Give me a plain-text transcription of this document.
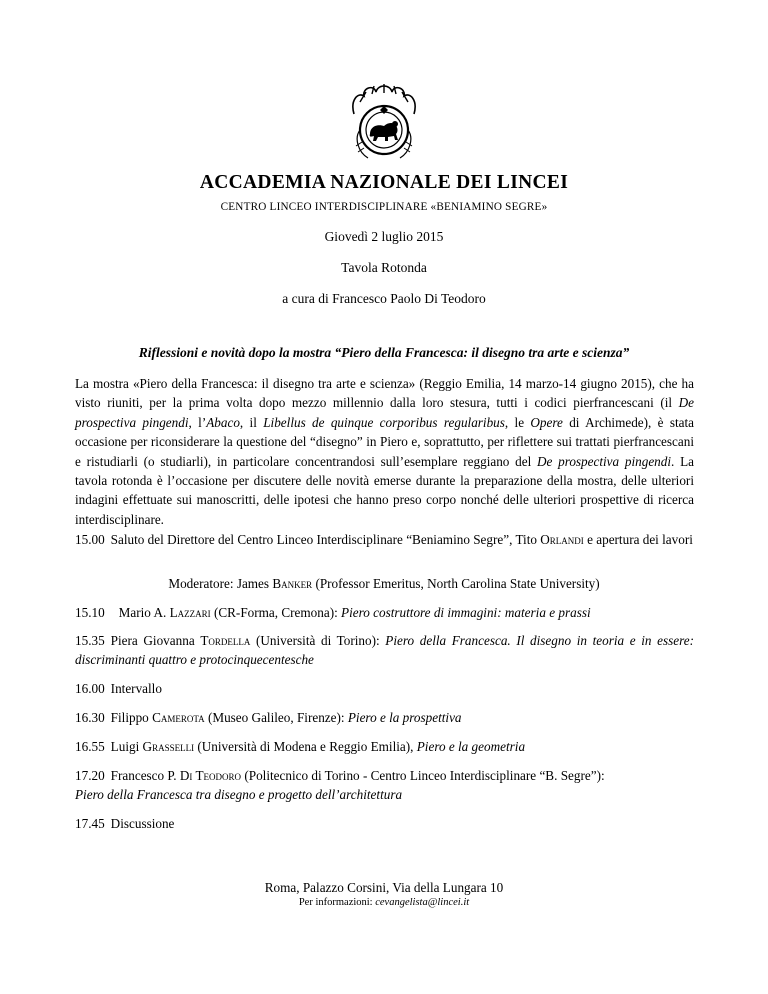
ACCADEMIA NAZIONALE DEI LINCEI
CENTRO LINCEO INTERDISCIPLINARE «BENIAMINO SEGRE»
Giovedì 2 luglio 2015
Tavola Rotonda
a cura di Francesco Paolo Di Teodoro
Riflessioni e novità dopo la mostra “Piero della Francesca: il disegno tra arte e scienza”
La mostra «Piero della Francesca: il disegno tra arte e scienza» (Reggio Emilia, 14 marzo-14 giugno 2015), che ha visto riuniti, per la prima volta dopo mezzo millennio dalla loro stesura, tutti i codici pierfrancescani (il De prospectiva pingendi, l’Abaco, il Libellus de quinque corporibus regularibus, le Opere di Archimede), è stata occasione per riconsiderare la questione del “disegno” in Piero e, soprattutto, per riflettere sui trattati pierfrancescani e ristudiarli (o studiarli), in particolare concentrandosi sull’esemplare reggiano del De prospectiva pingendi. La tavola rotonda è l’occasione per discutere delle novità emerse durante la preparazione della mostra, delle ulteriori indagini effettuate sui manoscritti, delle ipotesi che hanno preso corpo nonché delle ulteriori prospettive di ricerca interdisciplinare.
15.00 Saluto del Direttore del Centro Linceo Interdisciplinare “Beniamino Segre”, Tito Orlandi e apertura dei lavori
Moderatore: James Banker (Professor Emeritus, North Carolina State University)
15.10 Mario A. Lazzari (CR-Forma, Cremona): Piero costruttore di immagini: materia e prassi
15.35 Piera Giovanna Tordella (Università di Torino): Piero della Francesca. Il disegno in teoria e in essere: discriminanti quattro e protocinquecentesche
16.00 Intervallo
16.30 Filippo Camerota (Museo Galileo, Firenze): Piero e la prospettiva
16.55 Luigi Grasselli (Università di Modena e Reggio Emilia), Piero e la geometria
17.20 Francesco P. Di Teodoro (Politecnico di Torino - Centro Linceo Interdisciplinare “B. Segre”):
Piero della Francesca tra disegno e progetto dell’architettura
17.45 Discussione
Roma, Palazzo Corsini, Via della Lungara 10
Per informazioni: cevangelista@lincei.it
